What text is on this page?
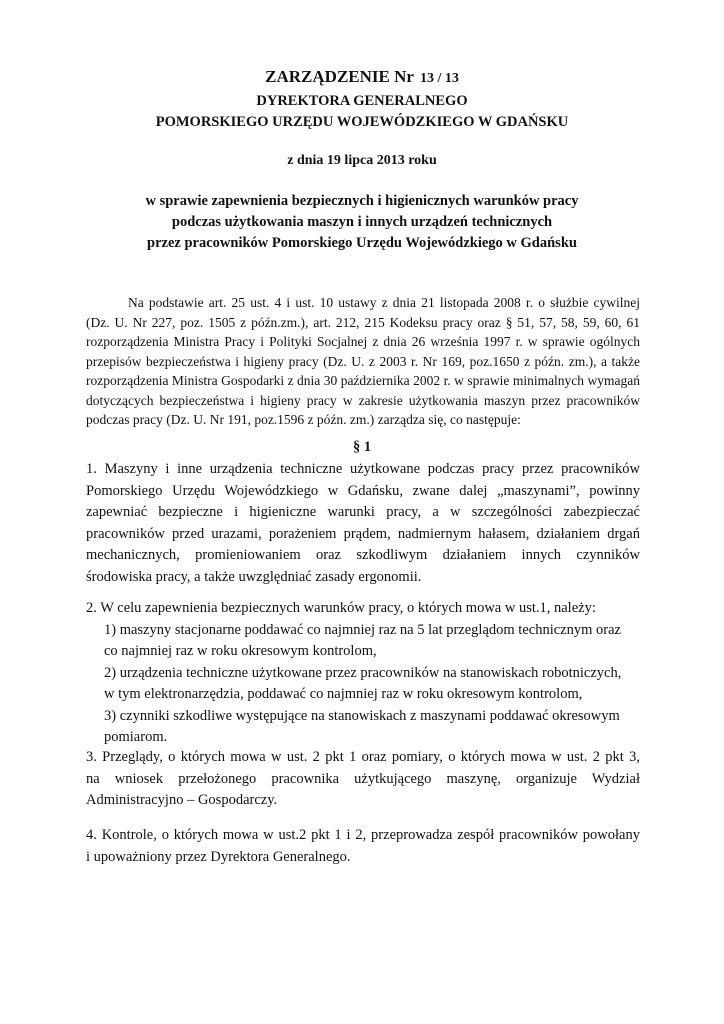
ZARZĄDZENIE Nr 13 / 13
DYREKTORA GENERALNEGO
POMORSKIEGO URZĘDU WOJEWÓDZKIEGO W GDAŃSKU
z dnia 19 lipca 2013 roku
w sprawie zapewnienia bezpiecznych i higienicznych warunków pracy
podczas użytkowania maszyn i innych urządzeń technicznych
przez pracowników Pomorskiego Urzędu Wojewódzkiego w Gdańsku
Na podstawie art. 25 ust. 4 i ust. 10 ustawy z dnia 21 listopada 2008 r. o służbie cywilnej
(Dz. U. Nr 227, poz. 1505 z późn.zm.), art. 212, 215 Kodeksu pracy oraz § 51, 57, 58, 59, 60, 61
rozporządzenia Ministra Pracy i Polityki Socjalnej z dnia 26 września 1997 r. w sprawie ogólnych
przepisów bezpieczeństwa i higieny pracy (Dz. U. z 2003 r. Nr 169, poz.1650 z późn. zm.), a także
rozporządzenia Ministra Gospodarki z dnia 30 października 2002 r. w sprawie minimalnych wymagań
dotyczących bezpieczeństwa i higieny pracy w zakresie użytkowania maszyn przez pracowników
podczas pracy (Dz. U. Nr 191, poz.1596 z późn. zm.) zarządza się, co następuje:
§ 1
1. Maszyny i inne urządzenia techniczne użytkowane podczas pracy przez pracowników
Pomorskiego Urzędu Wojewódzkiego w Gdańsku, zwane dalej „maszynami”, powinny
zapewniać bezpieczne i higieniczne warunki pracy, a w szczególności zabezpieczać
pracowników przed urazami, porażeniem prądem, nadmiernym hałasem, działaniem drgań
mechanicznych, promieniowaniem oraz szkodliwym działaniem innych czynników
środowiska pracy, a także uwzględniać zasady ergonomii.
2. W celu zapewnienia bezpiecznych warunków pracy, o których mowa w ust.1, należy:
1) maszyny stacjonarne poddawać co najmniej raz na 5 lat przeglądom technicznym oraz
co najmniej raz w roku okresowym kontrolom,
2) urządzenia techniczne użytkowane przez pracowników na stanowiskach robotniczych,
w tym elektronarzędzia, poddawać co najmniej raz w roku okresowym kontrolom,
3) czynniki szkodliwe występujące na stanowiskach z maszynami poddawać okresowym
pomiarom.
3. Przeglądy, o których mowa w ust. 2 pkt 1 oraz pomiary, o których mowa w ust. 2 pkt 3,
na wniosek przełożonego pracownika użytkującego maszynę, organizuje Wydział
Administracyjno – Gospodarczy.
4. Kontrole, o których mowa w ust.2 pkt 1 i 2, przeprowadza zespół pracowników powołany
i upoważniony przez Dyrektora Generalnego.
